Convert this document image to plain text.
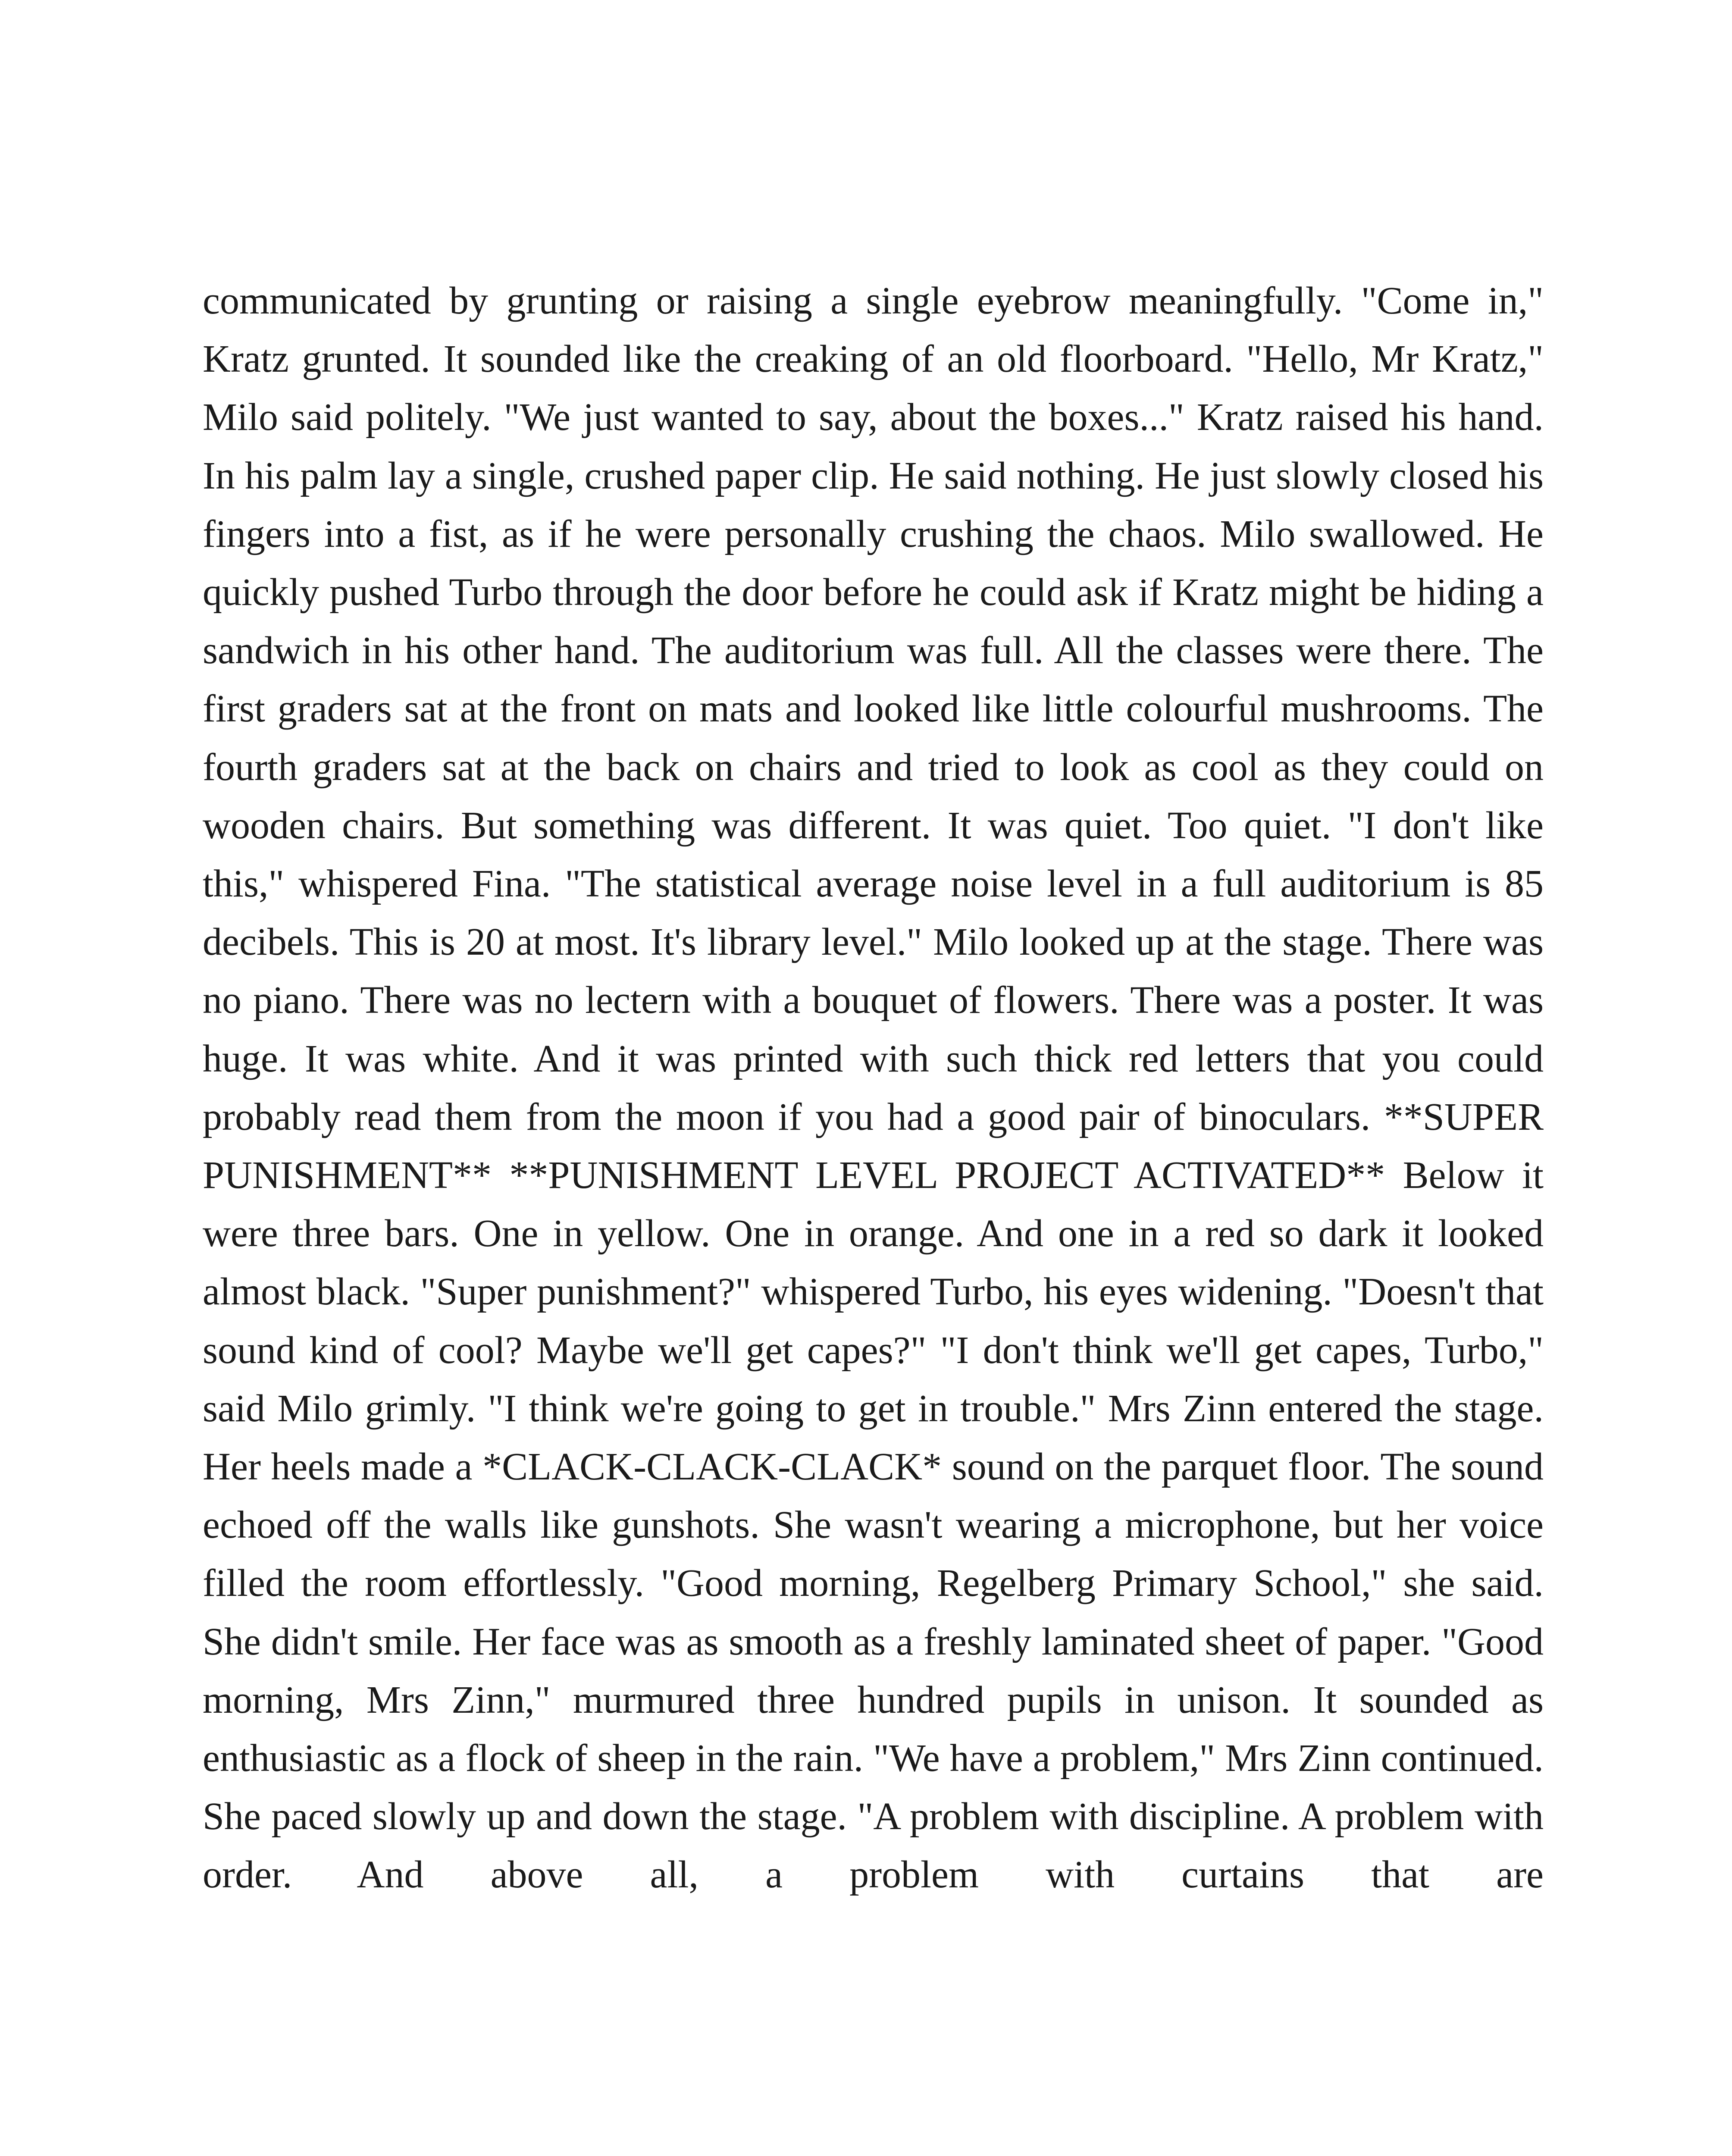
communicated by grunting or raising a single eyebrow meaningfully. "Come in," Kratz grunted. It sounded like the creaking of an old floorboard. "Hello, Mr Kratz," Milo said politely. "We just wanted to say, about the boxes..." Kratz raised his hand. In his palm lay a single, crushed paper clip. He said nothing. He just slowly closed his fingers into a fist, as if he were personally crushing the chaos. Milo swallowed. He quickly pushed Turbo through the door before he could ask if Kratz might be hiding a sandwich in his other hand. The auditorium was full. All the classes were there. The first graders sat at the front on mats and looked like little colourful mushrooms. The fourth graders sat at the back on chairs and tried to look as cool as they could on wooden chairs. But something was different. It was quiet. Too quiet. "I don't like this," whispered Fina. "The statistical average noise level in a full auditorium is 85 decibels. This is 20 at most. It's library level." Milo looked up at the stage. There was no piano. There was no lectern with a bouquet of flowers. There was a poster. It was huge. It was white. And it was printed with such thick red letters that you could probably read them from the moon if you had a good pair of binoculars. **SUPER PUNISHMENT** **PUNISHMENT LEVEL PROJECT ACTIVATED** Below it were three bars. One in yellow. One in orange. And one in a red so dark it looked almost black. "Super punishment?" whispered Turbo, his eyes widening. "Doesn't that sound kind of cool? Maybe we'll get capes?" "I don't think we'll get capes, Turbo," said Milo grimly. "I think we're going to get in trouble." Mrs Zinn entered the stage. Her heels made a *CLACK-CLACK-CLACK* sound on the parquet floor. The sound echoed off the walls like gunshots. She wasn't wearing a microphone, but her voice filled the room effortlessly. "Good morning, Regelberg Primary School," she said. She didn't smile. Her face was as smooth as a freshly laminated sheet of paper. "Good morning, Mrs Zinn," murmured three hundred pupils in unison. It sounded as enthusiastic as a flock of sheep in the rain. "We have a problem," Mrs Zinn continued. She paced slowly up and down the stage. "A problem with discipline. A problem with order. And above all, a problem with curtains that are
